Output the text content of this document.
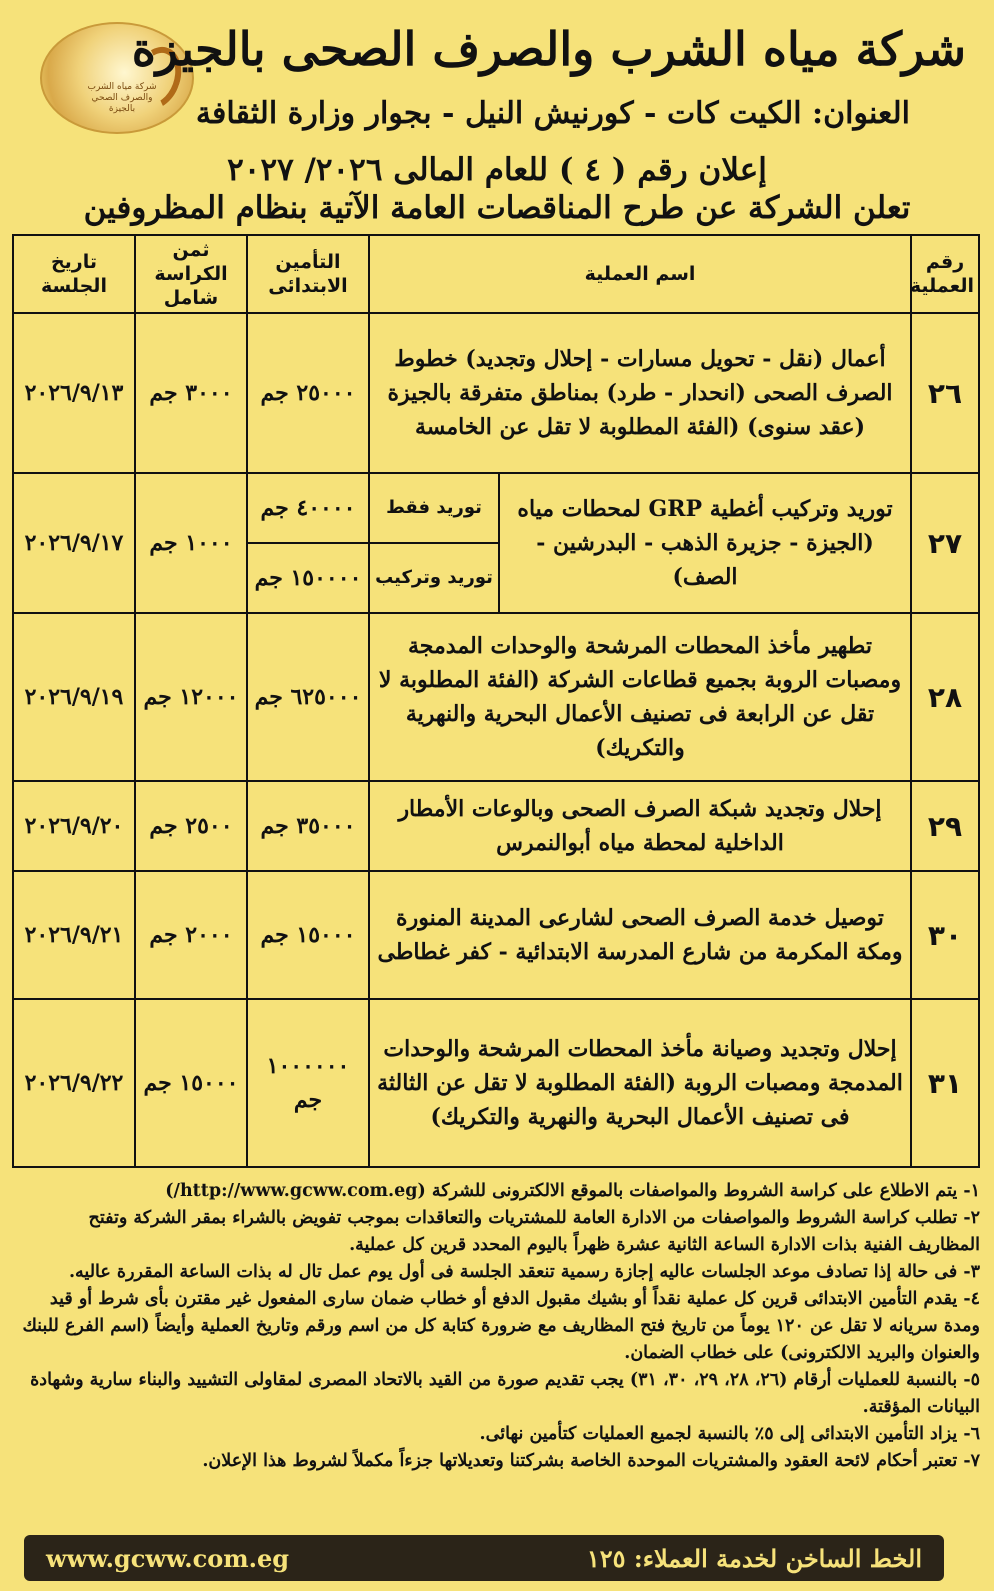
شركة مياه الشرب والصرف الصحي بالجيزة
شركة مياه الشرب والصرف الصحى بالجيزة
العنوان: الكيت كات - كورنيش النيل - بجوار وزارة الثقافة
إعلان رقم ( ٤ ) للعام المالى ٢٠٢٦/ ٢٠٢٧
تعلن الشركة عن طرح المناقصات العامة الآتية بنظام المظروفين
رقم العملية	اسم العملية		التأمين الابتدائى	ثمن الكراسة شامل	تاريخ الجلسة
٢٦	أعمال (نقل - تحويل مسارات - إحلال وتجديد) خطوط الصرف الصحى (انحدار - طرد) بمناطق متفرقة بالجيزة (عقد سنوى) (الفئة المطلوبة لا تقل عن الخامسة		٢٥٠٠٠ جم	٣٠٠٠ جم	٢٠٢٦/٩/١٣
٢٧	توريد وتركيب أغطية GRP لمحطات مياه (الجيزة - جزيرة الذهب - البدرشين - الصف)	توريد فقط	٤٠٠٠٠ جم	١٠٠٠ جم	٢٠٢٦/٩/١٧
		توريد وتركيب	١٥٠٠٠٠ جم		
٢٨	تطهير مأخذ المحطات المرشحة والوحدات المدمجة ومصبات الروبة بجميع قطاعات الشركة (الفئة المطلوبة لا تقل عن الرابعة فى تصنيف الأعمال البحرية والنهرية والتكريك)		٦٢٥٠٠٠ جم	١٢٠٠٠ جم	٢٠٢٦/٩/١٩
٢٩	إحلال وتجديد شبكة الصرف الصحى وبالوعات الأمطار الداخلية لمحطة مياه أبوالنمرس		٣٥٠٠٠ جم	٢٥٠٠ جم	٢٠٢٦/٩/٢٠
٣٠	توصيل خدمة الصرف الصحى لشارعى المدينة المنورة ومكة المكرمة من شارع المدرسة الابتدائية - كفر غطاطى		١٥٠٠٠ جم	٢٠٠٠ جم	٢٠٢٦/٩/٢١
٣١	إحلال وتجديد وصيانة مأخذ المحطات المرشحة والوحدات المدمجة ومصبات الروبة (الفئة المطلوبة لا تقل عن الثالثة فى تصنيف الأعمال البحرية والنهرية والتكريك)		١٠٠٠٠٠٠ جم	١٥٠٠٠ جم	٢٠٢٦/٩/٢٢

١- يتم الاطلاع على كراسة الشروط والمواصفات بالموقع الالكترونى للشركة (http://www.gcww.com.eg/)

٢- تطلب كراسة الشروط والمواصفات من الادارة العامة للمشتريات والتعاقدات بموجب تفويض بالشراء بمقر الشركة وتفتح المظاريف الفنية بذات الادارة الساعة الثانية عشرة ظهراً باليوم المحدد قرين كل عملية.

٣- فى حالة إذا تصادف موعد الجلسات عاليه إجازة رسمية تنعقد الجلسة فى أول يوم عمل تال له بذات الساعة المقررة عاليه.

٤- يقدم التأمين الابتدائى قرين كل عملية نقداً أو بشيك مقبول الدفع أو خطاب ضمان سارى المفعول غير مقترن بأى شرط أو قيد ومدة سريانه لا تقل عن ١٢٠ يوماً من تاريخ فتح المظاريف مع ضرورة كتابة كل من اسم ورقم وتاريخ العملية وأيضاً (اسم الفرع للبنك والعنوان والبريد الالكترونى) على خطاب الضمان.

٥- بالنسبة للعمليات أرقام (٢٦، ٢٨، ٢٩، ٣٠، ٣١) يجب تقديم صورة من القيد بالاتحاد المصرى لمقاولى التشييد والبناء سارية وشهادة البيانات المؤقتة.

٦- يزاد التأمين الابتدائى إلى ٥٪ بالنسبة لجميع العمليات كتأمين نهائى.

٧- تعتبر أحكام لائحة العقود والمشتريات الموحدة الخاصة بشركتنا وتعديلاتها جزءاً مكملاً لشروط هذا الإعلان.

الخط الساخن لخدمة العملاء: ١٢٥
www.gcww.com.eg
